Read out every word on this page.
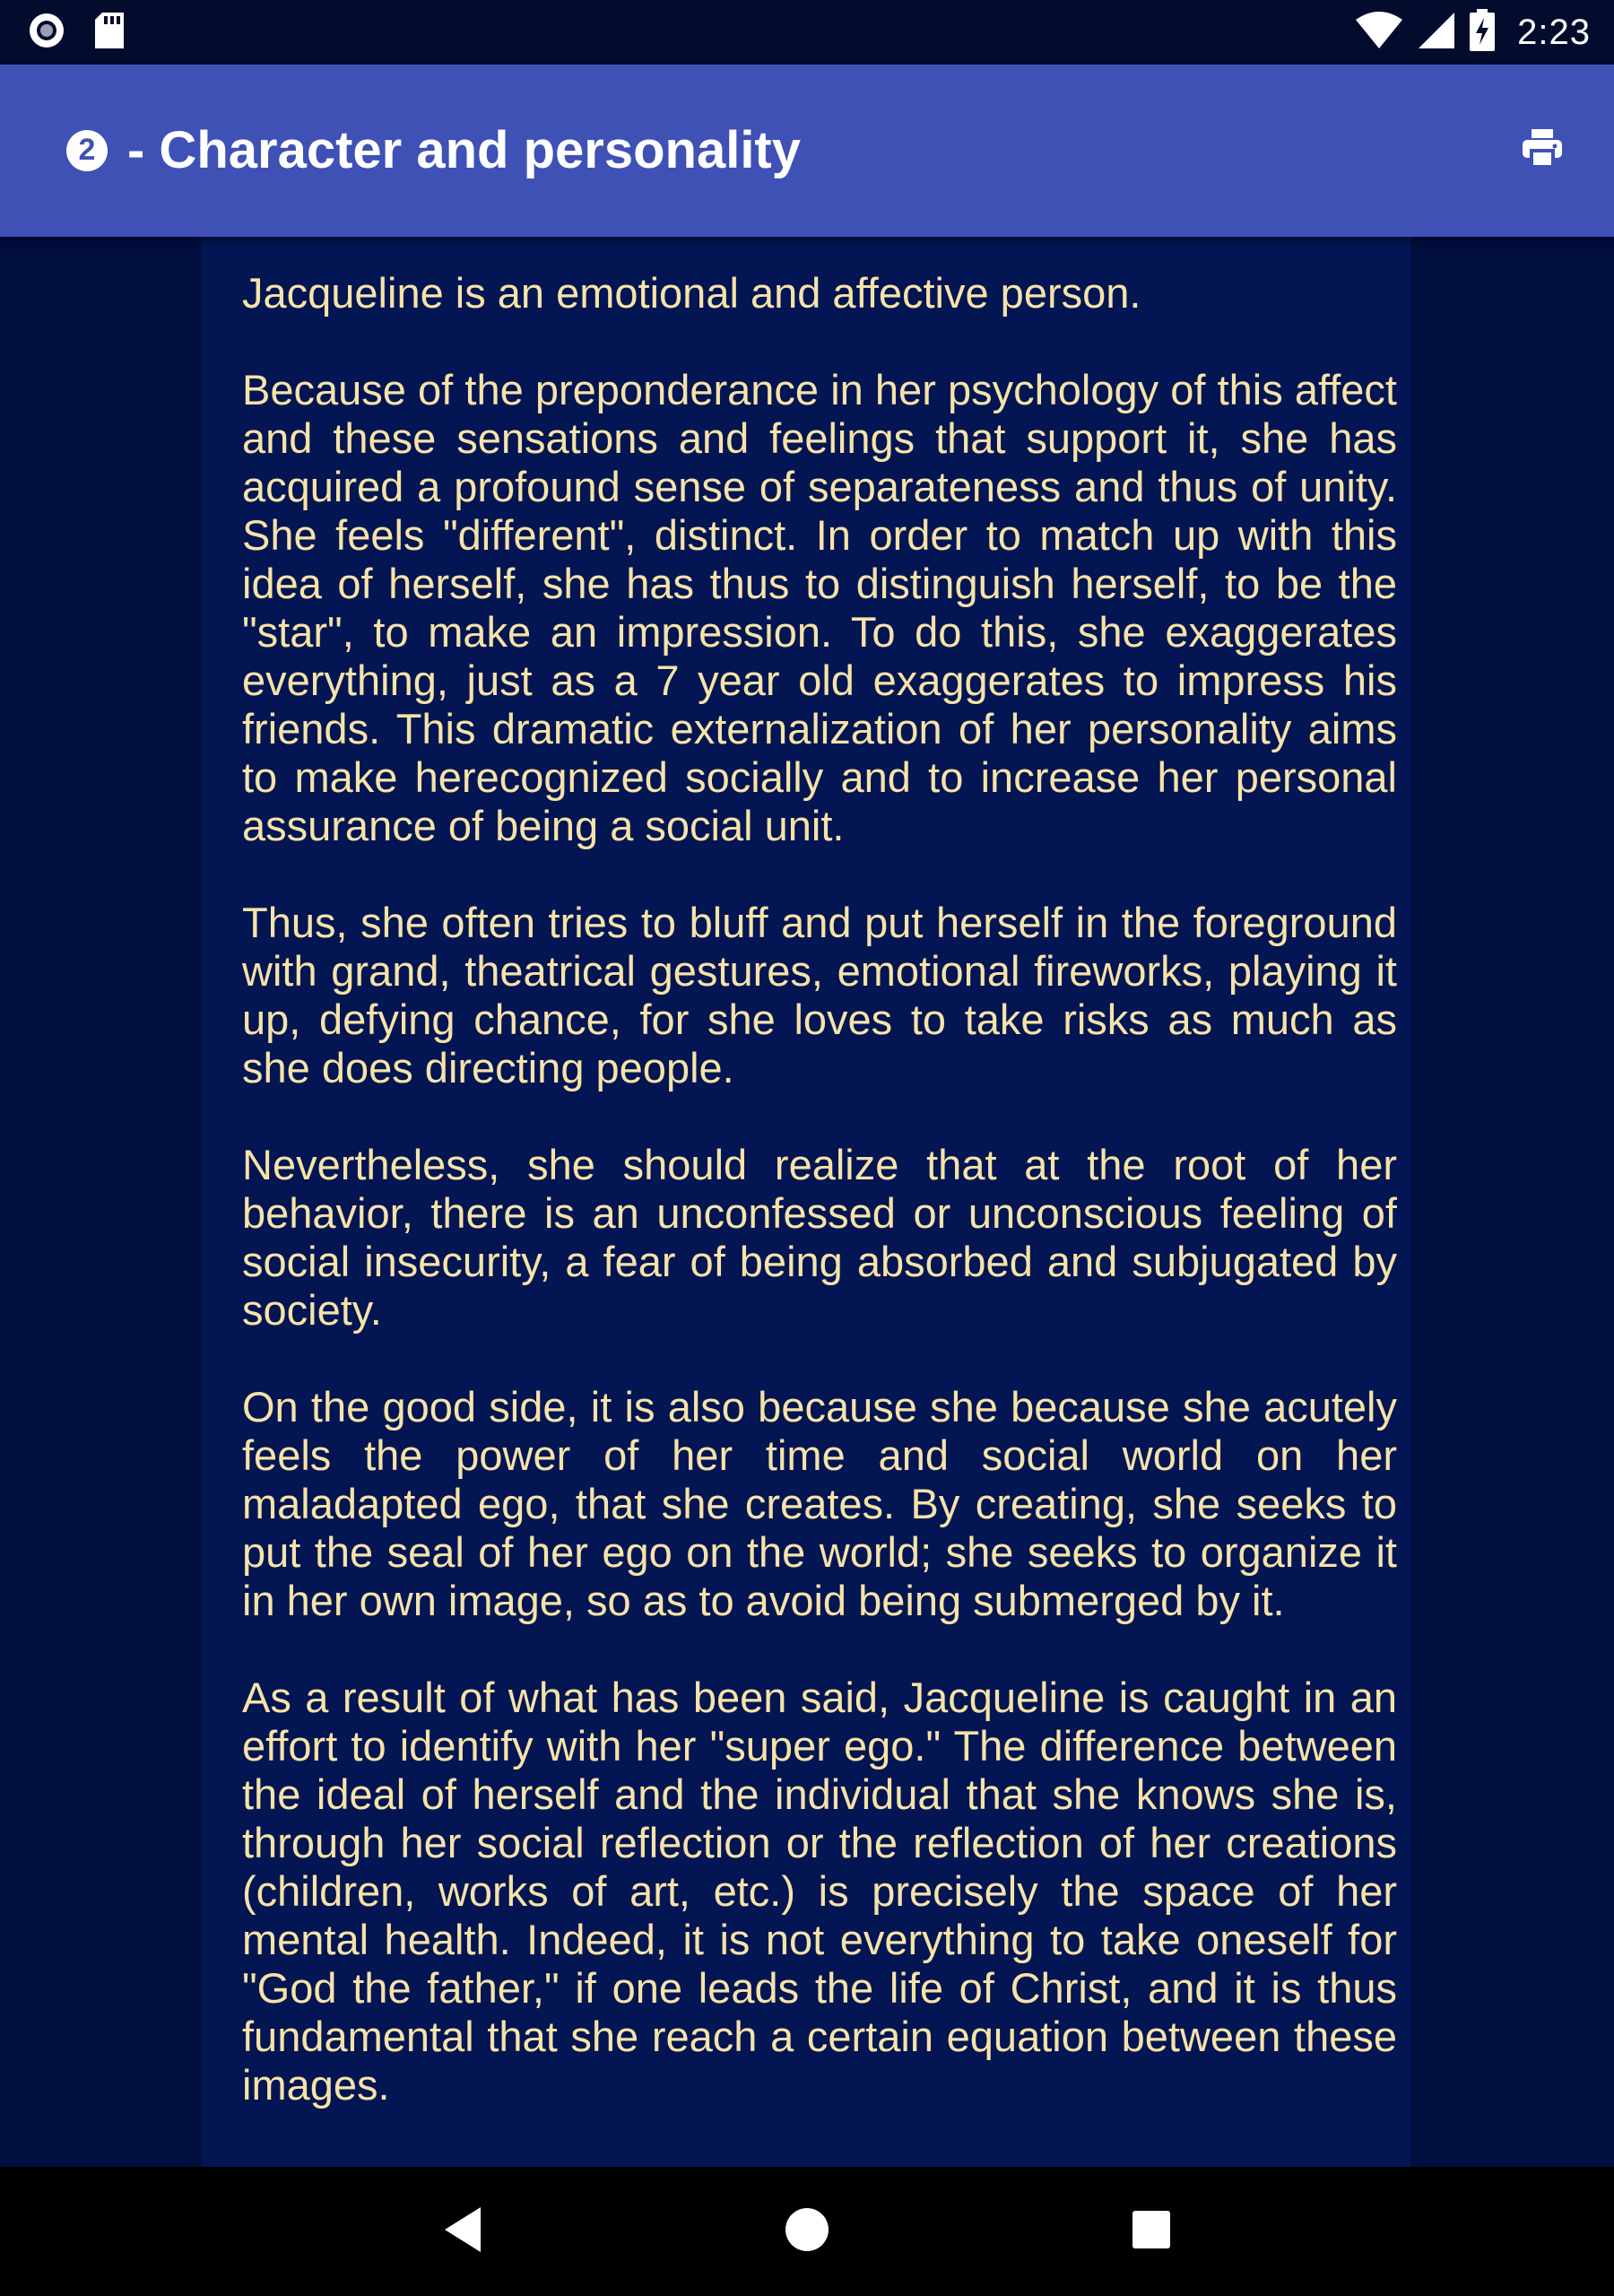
2:23
2 - Character and personality

Jacqueline is an emotional and affective person.

Because of the preponderance in her psychology of this affect and these sensations and feelings that support it, she has acquired a profound sense of separateness and thus of unity. She feels "different", distinct. In order to match up with this idea of herself, she has thus to distinguish herself, to be the "star", to make an impression. To do this, she exaggerates everything, just as a 7 year old exaggerates to impress his friends. This dramatic externalization of her personality aims to make herecognized socially and to increase her personal assurance of being a social unit.

Thus, she often tries to bluff and put herself in the foreground with grand, theatrical gestures, emotional fireworks, playing it up, defying chance, for she loves to take risks as much as she does directing people.

Nevertheless, she should realize that at the root of her behavior, there is an unconfessed or unconscious feeling of social insecurity, a fear of being absorbed and subjugated by society.

On the good side, it is also because she because she acutely feels the power of her time and social world on her maladapted ego, that she creates. By creating, she seeks to put the seal of her ego on the world; she seeks to organize it in her own image, so as to avoid being submerged by it.

As a result of what has been said, Jacqueline is caught in an effort to identify with her "super ego." The difference between the ideal of herself and the individual that she knows she is, through her social reflection or the reflection of her creations (children, works of art, etc.) is precisely the space of her mental health. Indeed, it is not everything to take oneself for "God the father," if one leads the life of Christ, and it is thus fundamental that she reach a certain equation between these images.
